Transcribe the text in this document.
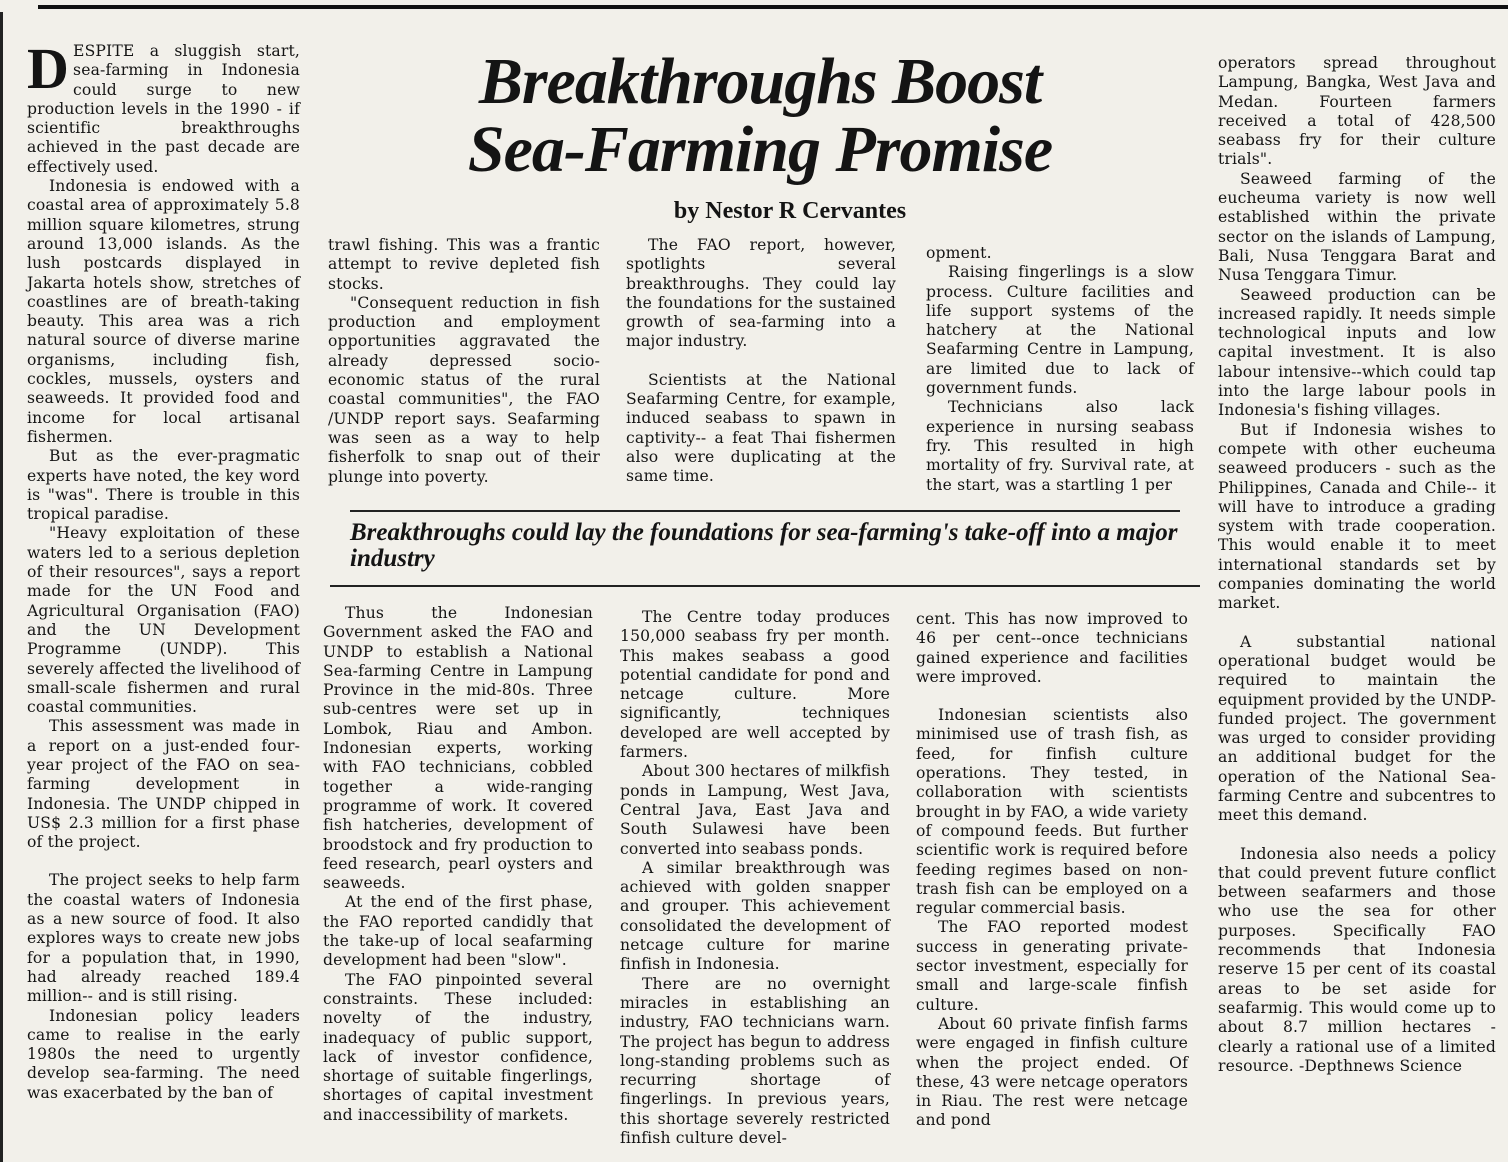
Breakthroughs Boost
Sea-Farming Promise
by Nestor R Cervantes

DESPITE a sluggish start, sea-farming in Indonesia could surge to new production levels in the 1990 - if scientific breakthroughs achieved in the past decade are effectively used.

Indonesia is endowed with a coastal area of approximately 5.8 million square kilometres, strung around 13,000 islands. As the lush postcards displayed in Jakarta hotels show, stretches of coastlines are of breath-taking beauty. This area was a rich natural source of diverse marine organisms, including fish, cockles, mussels, oysters and seaweeds. It provided food and income for local artisanal fishermen.

But as the ever-pragmatic experts have noted, the key word is "was". There is trouble in this tropical paradise.

"Heavy exploitation of these waters led to a serious depletion of their resources", says a report made for the UN Food and Agricultural Organisation (FAO) and the UN Development Programme (UNDP). This severely affected the livelihood of small-scale fishermen and rural coastal communities.

This assessment was made in a report on a just-ended four-year project of the FAO on sea-farming development in Indonesia. The UNDP chipped in US$ 2.3 million for a first phase of the project.

The project seeks to help farm the coastal waters of Indonesia as a new source of food. It also explores ways to create new jobs for a population that, in 1990, had already reached 189.4 million-- and is still rising.

Indonesian policy leaders came to realise in the early 1980s the need to urgently develop sea-farming. The need was exacerbated by the ban of

trawl fishing. This was a frantic attempt to revive depleted fish stocks.

"Consequent reduction in fish production and employment opportunities aggravated the already depressed socio-economic status of the rural coastal communities", the FAO /UNDP report says. Seafarming was seen as a way to help fisherfolk to snap out of their plunge into poverty.

The FAO report, however, spotlights several breakthroughs. They could lay the foundations for the sustained growth of sea-farming into a major industry.

Scientists at the National Seafarming Centre, for example, induced seabass to spawn in captivity-- a feat Thai fishermen also were duplicating at the same time.

opment.

Raising fingerlings is a slow process. Culture facilities and life support systems of the hatchery at the National Seafarming Centre in Lampung, are limited due to lack of government funds.

Technicians also lack experience in nursing seabass fry. This resulted in high mortality of fry. Survival rate, at the start, was a startling 1 per

Breakthroughs could lay the foundations for sea-farming's take-off into a major industry

Thus the Indonesian Government asked the FAO and UNDP to establish a National Sea-farming Centre in Lampung Province in the mid-80s. Three sub-centres were set up in Lombok, Riau and Ambon. Indonesian experts, working with FAO technicians, cobbled together a wide-ranging programme of work. It covered fish hatcheries, development of broodstock and fry production to feed research, pearl oysters and seaweeds.

At the end of the first phase, the FAO reported candidly that the take-up of local seafarming development had been "slow".

The FAO pinpointed several constraints. These included: novelty of the industry, inadequacy of public support, lack of investor confidence, shortage of suitable fingerlings, shortages of capital investment and inaccessibility of markets.

The Centre today produces 150,000 seabass fry per month. This makes seabass a good potential candidate for pond and netcage culture. More significantly, techniques developed are well accepted by farmers.

About 300 hectares of milkfish ponds in Lampung, West Java, Central Java, East Java and South Sulawesi have been converted into seabass ponds.

A similar breakthrough was achieved with golden snapper and grouper. This achievement consolidated the development of netcage culture for marine finfish in Indonesia.

There are no overnight miracles in establishing an industry, FAO technicians warn. The project has begun to address long-standing problems such as recurring shortage of fingerlings. In previous years, this shortage severely restricted finfish culture devel-

cent. This has now improved to 46 per cent--once technicians gained experience and facilities were improved.

Indonesian scientists also minimised use of trash fish, as feed, for finfish culture operations. They tested, in collaboration with scientists brought in by FAO, a wide variety of compound feeds. But further scientific work is required before feeding regimes based on non-trash fish can be employed on a regular commercial basis.

The FAO reported modest success in generating private-sector investment, especially for small and large-scale finfish culture.

About 60 private finfish farms were engaged in finfish culture when the project ended. Of these, 43 were netcage operators in Riau. The rest were netcage and pond

operators spread throughout Lampung, Bangka, West Java and Medan. Fourteen farmers received a total of 428,500 seabass fry for their culture trials".

Seaweed farming of the eucheuma variety is now well established within the private sector on the islands of Lampung, Bali, Nusa Tenggara Barat and Nusa Tenggara Timur.

Seaweed production can be increased rapidly. It needs simple technological inputs and low capital investment. It is also labour intensive--which could tap into the large labour pools in Indonesia's fishing villages.

But if Indonesia wishes to compete with other eucheuma seaweed producers - such as the Philippines, Canada and Chile-- it will have to introduce a grading system with trade cooperation. This would enable it to meet international standards set by companies dominating the world market.

A substantial national operational budget would be required to maintain the equipment provided by the UNDP-funded project. The government was urged to consider providing an additional budget for the operation of the National Sea-farming Centre and subcentres to meet this demand.

Indonesia also needs a policy that could prevent future conflict between seafarmers and those who use the sea for other purposes. Specifically FAO recommends that Indonesia reserve 15 per cent of its coastal areas to be set aside for seafarmig. This would come up to about 8.7 million hectares - clearly a rational use of a limited resource. -Depthnews Science
